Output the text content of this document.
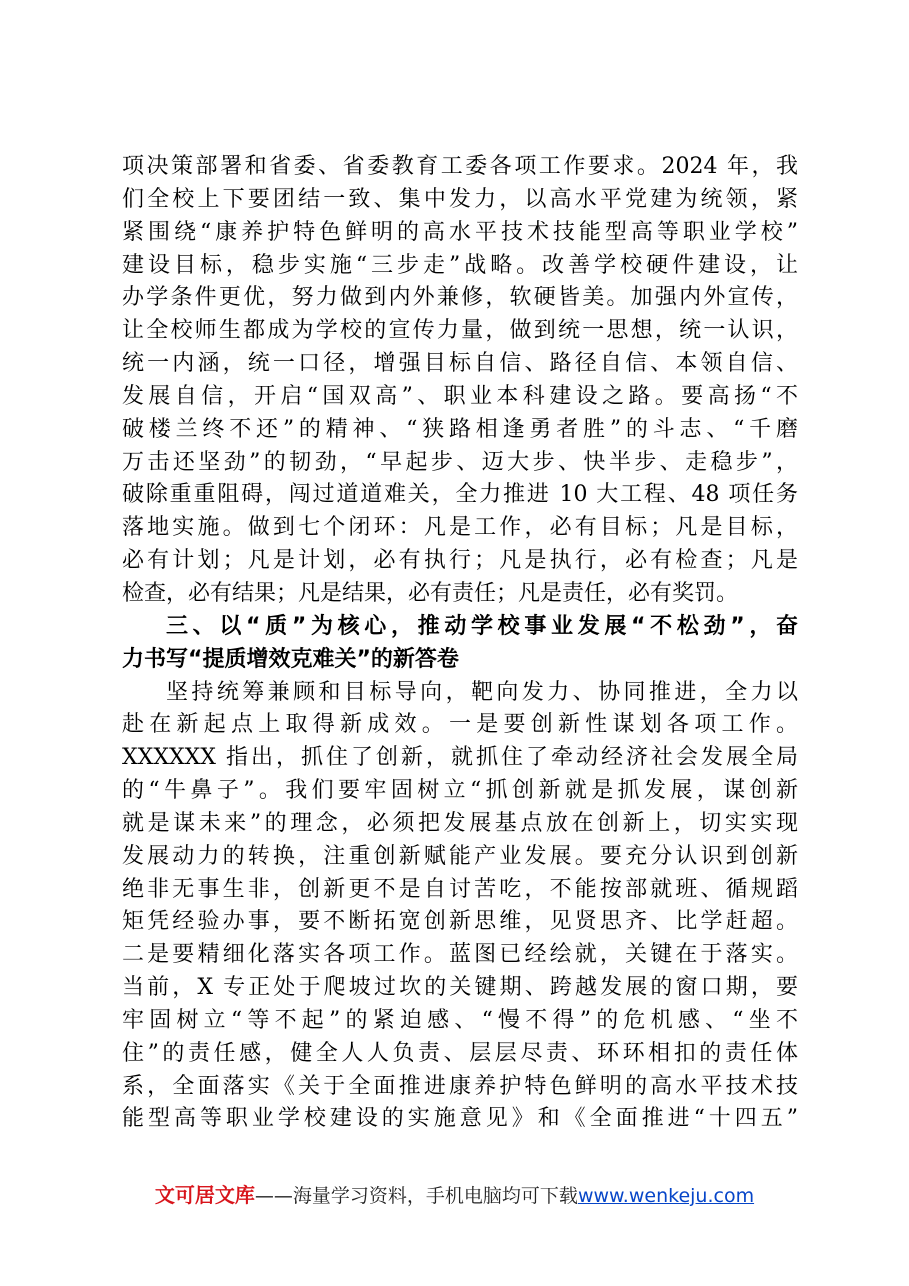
项决策部署和省委、省委教育工委各项工作要求。2024 年，我
们全校上下要团结一致、集中发力，以高水平党建为统领，紧
紧围绕“康养护特色鲜明的高水平技术技能型高等职业学校”
建设目标，稳步实施“三步走”战略。改善学校硬件建设，让
办学条件更优，努力做到内外兼修，软硬皆美。加强内外宣传，
让全校师生都成为学校的宣传力量，做到统一思想，统一认识，
统一内涵，统一口径，增强目标自信、路径自信、本领自信、
发展自信，开启“国双高”、职业本科建设之路。要高扬“不
破楼兰终不还”的精神、“狭路相逢勇者胜”的斗志、“千磨
万击还坚劲”的韧劲，“早起步、迈大步、快半步、走稳步”，
破除重重阻碍，闯过道道难关，全力推进 10 大工程、48 项任务
落地实施。做到七个闭环：凡是工作，必有目标；凡是目标，
必有计划；凡是计划，必有执行；凡是执行，必有检查；凡是
检查，必有结果；凡是结果，必有责任；凡是责任，必有奖罚。
三、以“质”为核心，推动学校事业发展“不松劲”，奋
力书写“提质增效克难关”的新答卷
坚持统筹兼顾和目标导向，靶向发力、协同推进，全力以
赴在新起点上取得新成效。一是要创新性谋划各项工作。
XXXXXX 指出，抓住了创新，就抓住了牵动经济社会发展全局
的“牛鼻子”。我们要牢固树立“抓创新就是抓发展，谋创新
就是谋未来”的理念，必须把发展基点放在创新上，切实实现
发展动力的转换，注重创新赋能产业发展。要充分认识到创新
绝非无事生非，创新更不是自讨苦吃，不能按部就班、循规蹈
矩凭经验办事，要不断拓宽创新思维，见贤思齐、比学赶超。
二是要精细化落实各项工作。蓝图已经绘就，关键在于落实。
当前，X 专正处于爬坡过坎的关键期、跨越发展的窗口期，要
牢固树立“等不起”的紧迫感、“慢不得”的危机感、“坐不
住”的责任感，健全人人负责、层层尽责、环环相扣的责任体
系，全面落实《关于全面推进康养护特色鲜明的高水平技术技
能型高等职业学校建设的实施意见》和《全面推进“十四五”
文可居文库——海量学习资料，手机电脑均可下载www.wenkeju.com
